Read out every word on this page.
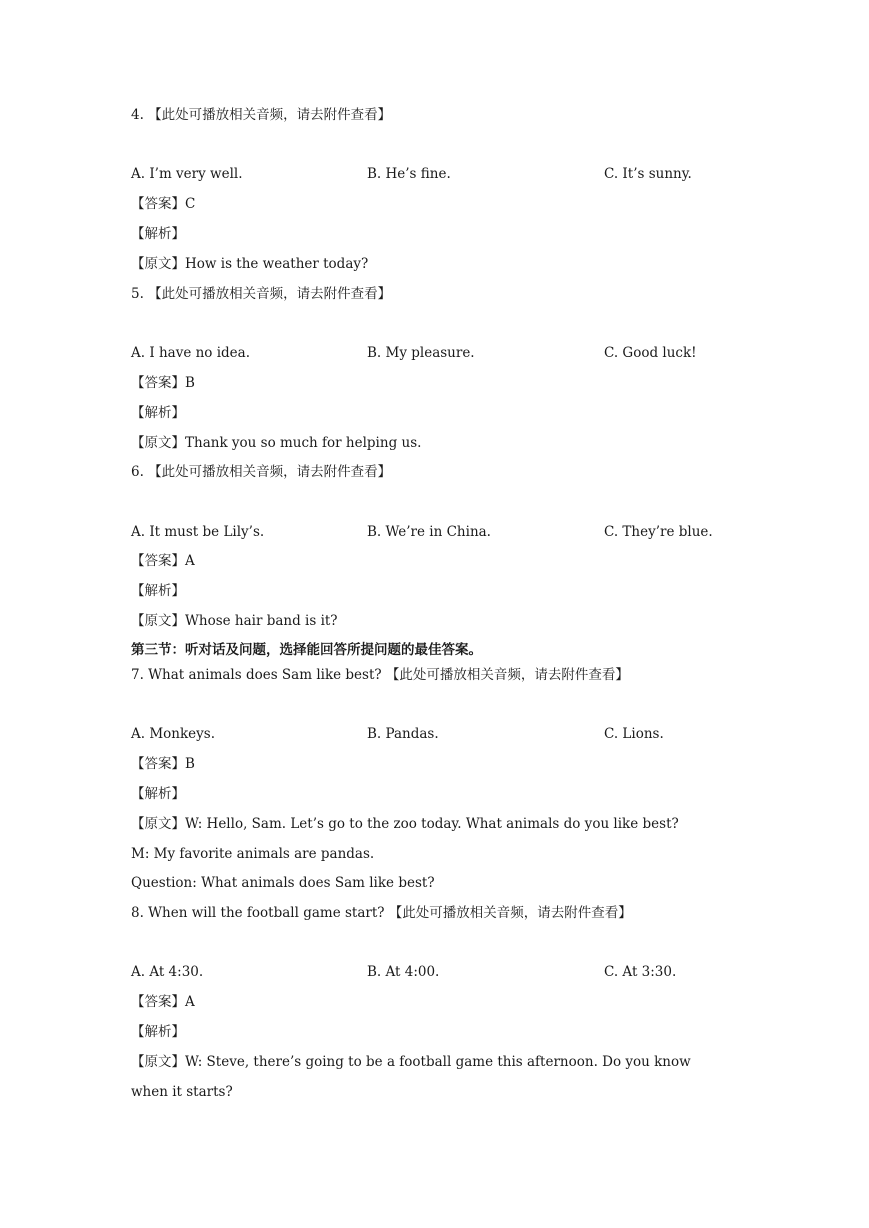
4. 【此处可播放相关音频，请去附件查看】
A. I’m very well.	B. He’s fine.	C. It’s sunny.
【答案】C
【解析】
【原文】How is the weather today?
5. 【此处可播放相关音频，请去附件查看】
A. I have no idea.	B. My pleasure.	C. Good luck!
【答案】B
【解析】
【原文】Thank you so much for helping us.
6. 【此处可播放相关音频，请去附件查看】
A. It must be Lily’s.	B. We’re in China.	C. They’re blue.
【答案】A
【解析】
【原文】Whose hair band is it?
第三节：听对话及问题，选择能回答所提问题的最佳答案。
7. What animals does Sam like best? 【此处可播放相关音频，请去附件查看】
A. Monkeys.	B. Pandas.	C. Lions.
【答案】B
【解析】
【原文】W: Hello, Sam. Let’s go to the zoo today. What animals do you like best?
M: My favorite animals are pandas.
Question: What animals does Sam like best?
8. When will the football game start? 【此处可播放相关音频，请去附件查看】
A. At 4:30.	B. At 4:00.	C. At 3:30.
【答案】A
【解析】
【原文】W: Steve, there’s going to be a football game this afternoon. Do you know
when it starts?
